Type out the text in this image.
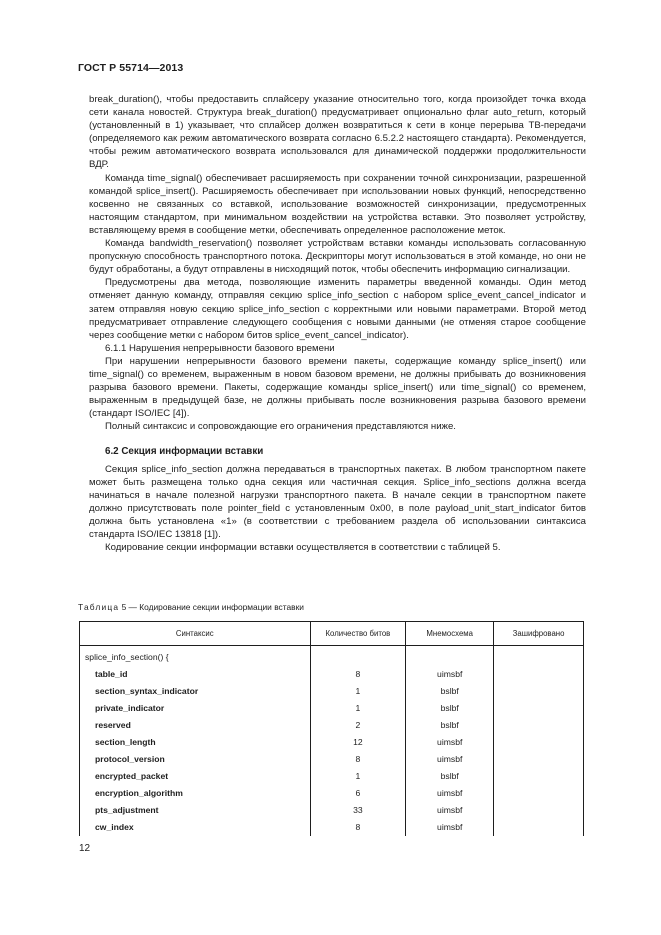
ГОСТ Р 55714—2013

break_duration(), чтобы предоставить сплайсеру указание относительно того, когда произойдет точка входа сети канала новостей. Структура break_duration() предусматривает опционально флаг auto_return, который (установленный в 1) указывает, что сплайсер должен возвратиться к сети в конце перерыва ТВ-передачи (определяемого как режим автоматического возврата согласно 6.5.2.2 настоящего стандарта). Рекомендуется, чтобы режим автоматического возврата использовался для динамической поддержки продолжительности ВДР.

Команда time_signal() обеспечивает расширяемость при сохранении точной синхронизации, разрешенной командой splice_insert(). Расширяемость обеспечивает при использовании новых функций, непосредственно косвенно не связанных со вставкой, использование возможностей синхронизации, предусмотренных настоящим стандартом, при минимальном воздействии на устройства вставки. Это позволяет устройству, вставляющему время в сообщение метки, обеспечивать определенное расположение меток.

Команда bandwidth_reservation() позволяет устройствам вставки команды использовать согласованную пропускную способность транспортного потока. Дескрипторы могут использоваться в этой команде, но они не будут обработаны, а будут отправлены в нисходящий поток, чтобы обеспечить информацию сигнализации.

Предусмотрены два метода, позволяющие изменить параметры введенной команды. Один метод отменяет данную команду, отправляя секцию splice_info_section с набором splice_event_cancel_indicator и затем отправляя новую секцию splice_info_section с корректными или новыми параметрами. Второй метод предусматривает отправление следующего сообщения с новыми данными (не отменяя старое сообщение через сообщение метки с набором битов splice_event_cancel_indicator).

6.1.1 Нарушения непрерывности базового времени

При нарушении непрерывности базового времени пакеты, содержащие команду splice_insert() или time_signal() со временем, выраженным в новом базовом времени, не должны прибывать до возникновения разрыва базового времени. Пакеты, содержащие команды splice_insert() или time_signal() со временем, выраженным в предыдущей базе, не должны прибывать после возникновения разрыва базового времени (стандарт ISO/IEC [4]).

Полный синтаксис и сопровождающие его ограничения представляются ниже.

6.2 Секция информации вставки

Секция splice_info_section должна передаваться в транспортных пакетах. В любом транспортном пакете может быть размещена только одна секция или частичная секция. Splice_info_sections должна всегда начинаться в начале полезной нагрузки транспортного пакета. В начале секции в транспортном пакете должно присутствовать поле pointer_field с установленным 0x00, в поле payload_unit_start_indicator битов должна быть установлена «1» (в соответствии с требованием раздела об использовании синтаксиса стандарта ISO/IEC 13818 [1]).

Кодирование секции информации вставки осуществляется в соответствии с таблицей 5.

Таблица 5 — Кодирование секции информации вставки
Синтаксис	Количество битов	Мнемосхема	Зашифровано
splice_info_section() {			
table_id	8	uimsbf	
section_syntax_indicator	1	bslbf	
private_indicator	1	bslbf	
reserved	2	bslbf	
section_length	12	uimsbf	
protocol_version	8	uimsbf	
encrypted_packet	1	bslbf	
encryption_algorithm	6	uimsbf	
pts_adjustment	33	uimsbf	
cw_index	8	uimsbf	
12
